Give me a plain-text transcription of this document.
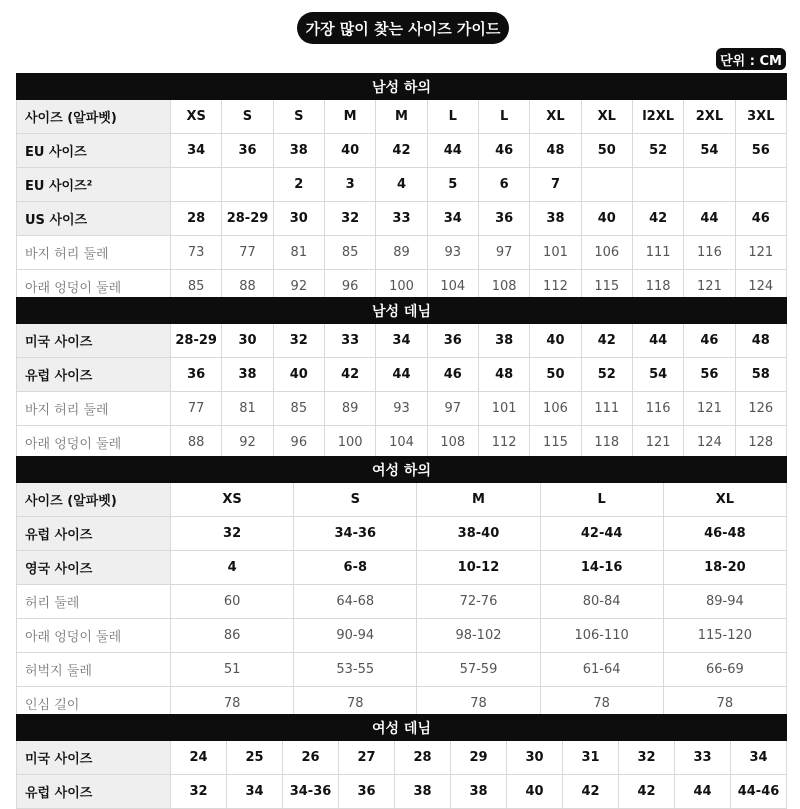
가장 많이 찾는 사이즈 가이드
단위 : CM
남성 하의												
사이즈 (알파벳)	XS	S	S	M	M	L	L	XL	XL	l2XL	2XL	3XL
EU 사이즈	34	36	38	40	42	44	46	48	50	52	54	56
EU 사이즈²			2	3	4	5	6	7				
US 사이즈	28	28-29	30	32	33	34	36	38	40	42	44	46
바지 허리 둘레	73	77	81	85	89	93	97	101	106	111	116	121
아래 엉덩이 둘레	85	88	92	96	100	104	108	112	115	118	121	124
남성 데님												
미국 사이즈	28-29	30	32	33	34	36	38	40	42	44	46	48
유럽 사이즈	36	38	40	42	44	46	48	50	52	54	56	58
바지 허리 둘레	77	81	85	89	93	97	101	106	111	116	121	126
아래 엉덩이 둘레	88	92	96	100	104	108	112	115	118	121	124	128
여성 하의					
사이즈 (알파벳)	XS	S	M	L	XL
유럽 사이즈	32	34-36	38-40	42-44	46-48
영국 사이즈	4	6-8	10-12	14-16	18-20
허리 둘레	60	64-68	72-76	80-84	89-94
아래 엉덩이 둘레	86	90-94	98-102	106-110	115-120
허벅지 둘레	51	53-55	57-59	61-64	66-69
인심 길이	78	78	78	78	78
여성 데님											
미국 사이즈	24	25	26	27	28	29	30	31	32	33	34
유럽 사이즈	32	34	34-36	36	38	38	40	42	42	44	44-46
